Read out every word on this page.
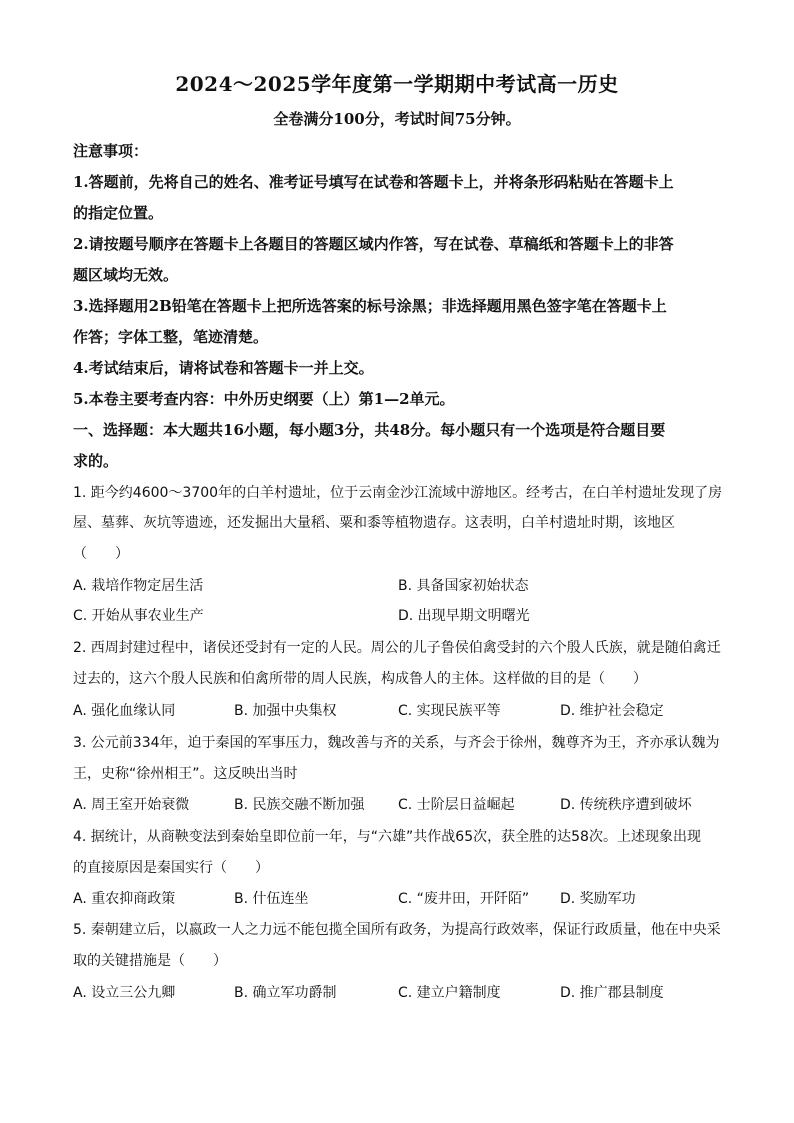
2024～2025学年度第一学期期中考试高一历史
全卷满分100分，考试时间75分钟。
注意事项：
1.答题前，先将自己的姓名、准考证号填写在试卷和答题卡上，并将条形码粘贴在答题卡上
的指定位置。
2.请按题号顺序在答题卡上各题目的答题区域内作答，写在试卷、草稿纸和答题卡上的非答
题区域均无效。
3.选择题用2B铅笔在答题卡上把所选答案的标号涂黑；非选择题用黑色签字笔在答题卡上
作答；字体工整，笔迹清楚。
4.考试结束后，请将试卷和答题卡一并上交。
5.本卷主要考查内容：中外历史纲要（上）第1—2单元。
一、选择题：本大题共16小题，每小题3分，共48分。每小题只有一个选项是符合题目要
求的。
1. 距今约4600～3700年的白羊村遗址，位于云南金沙江流域中游地区。经考古，在白羊村遗址发现了房
屋、墓葬、灰坑等遗迹，还发掘出大量稻、粟和黍等植物遗存。这表明，白羊村遗址时期，该地区
（　　）
A. 栽培作物定居生活	B. 具备国家初始状态
C. 开始从事农业生产	D. 出现早期文明曙光
2. 西周封建过程中，诸侯还受封有一定的人民。周公的儿子鲁侯伯禽受封的六个殷人氏族，就是随伯禽迁
过去的，这六个殷人民族和伯禽所带的周人民族，构成鲁人的主体。这样做的目的是（　　）
A. 强化血缘认同	B. 加强中央集权	C. 实现民族平等	D. 维护社会稳定
3. 公元前334年，迫于秦国的军事压力，魏改善与齐的关系，与齐会于徐州，魏尊齐为王，齐亦承认魏为
王，史称“徐州相王”。这反映出当时
A. 周王室开始衰微	B. 民族交融不断加强 C. 士阶层日益崛起	D. 传统秩序遭到破坏
4. 据统计，从商鞅变法到秦始皇即位前一年，与“六雄”共作战65次，获全胜的达58次。上述现象出现
的直接原因是秦国实行（　　）
A. 重农抑商政策	B. 什伍连坐	C. “废井田，开阡陌” D. 奖励军功
5. 秦朝建立后，以嬴政一人之力远不能包揽全国所有政务，为提高行政效率，保证行政质量，他在中央采
取的关键措施是（　　）
A. 设立三公九卿	B. 确立军功爵制	C. 建立户籍制度	D. 推广郡县制度
